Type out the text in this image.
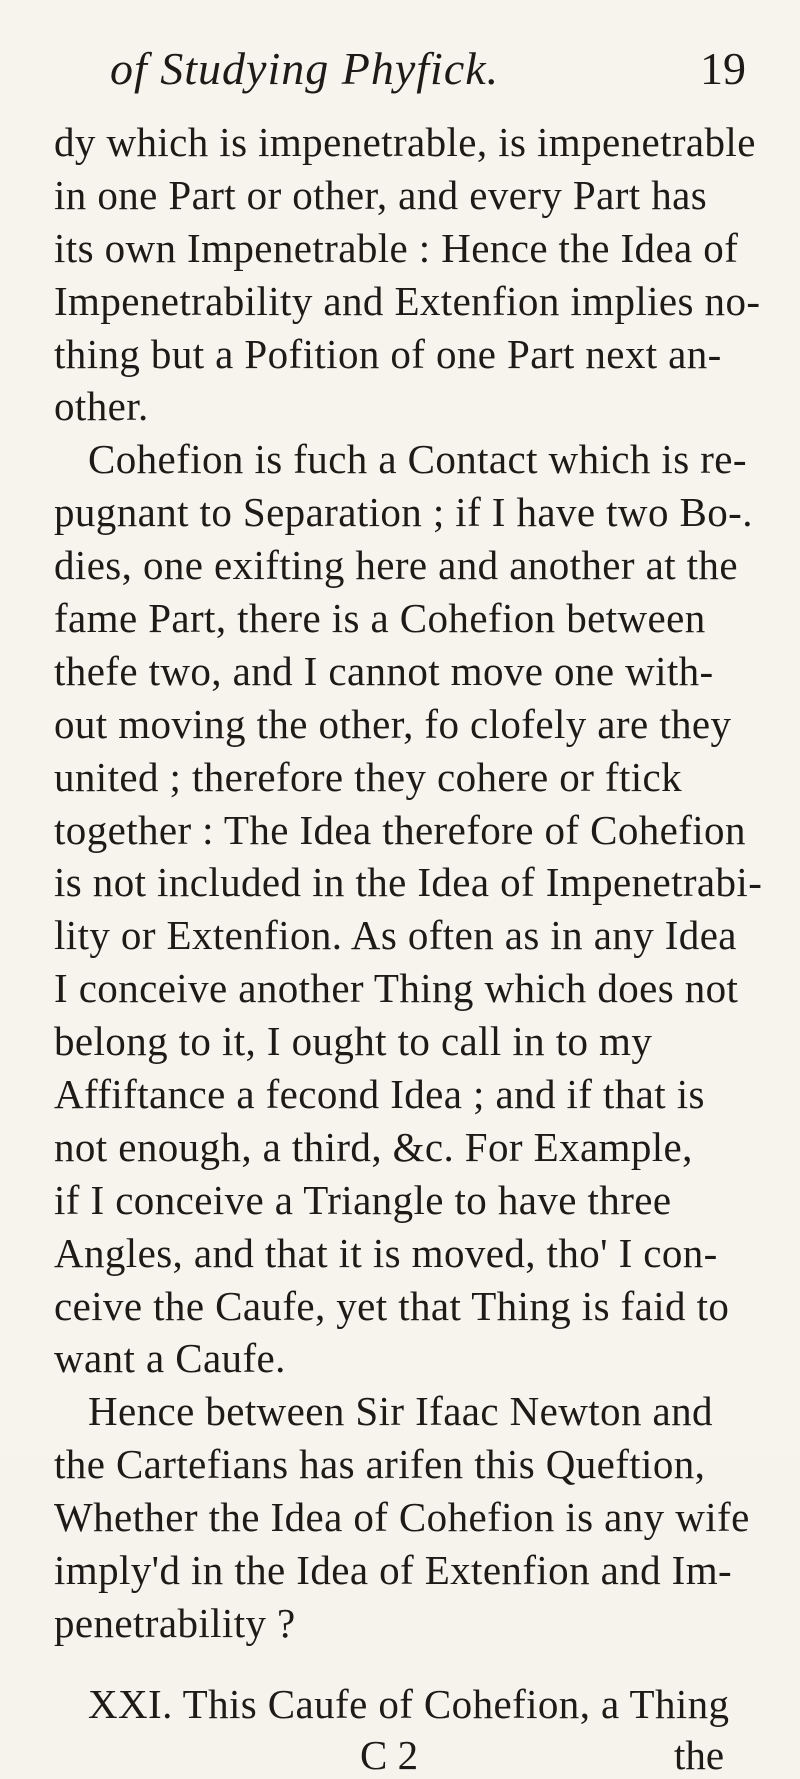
of Studying Phyfick.	19
dy which is impenetrable, is impenetrable
in one Part or other, and every Part has
its own Impenetrable : Hence the Idea of
Impenetrability and Extenfion implies no-
thing but a Pofition of one Part next an-
other.
Cohefion is fuch a Contact which is re-
pugnant to Separation ; if I have two Bo-.
dies, one exifting here and another at the
fame Part, there is a Cohefion between
thefe two, and I cannot move one with-
out moving the other, fo clofely are they
united ; therefore they cohere or ftick
together : The Idea therefore of Cohefion
is not included in the Idea of Impenetrabi-
lity or Extenfion. As often as in any Idea
I conceive another Thing which does not
belong to it, I ought to call in to my
Affiftance a fecond Idea ; and if that is
not enough, a third, &c. For Example,
if I conceive a Triangle to have three
Angles, and that it is moved, tho' I con-
ceive the Caufe, yet that Thing is faid to
want a Caufe.
Hence between Sir Ifaac Newton and
the Cartefians has arifen this Queftion,
Whether the Idea of Cohefion is any wife
imply'd in the Idea of Extenfion and Im-
penetrability ?
XXI. This Caufe of Cohefion, a Thing
C 2	the
